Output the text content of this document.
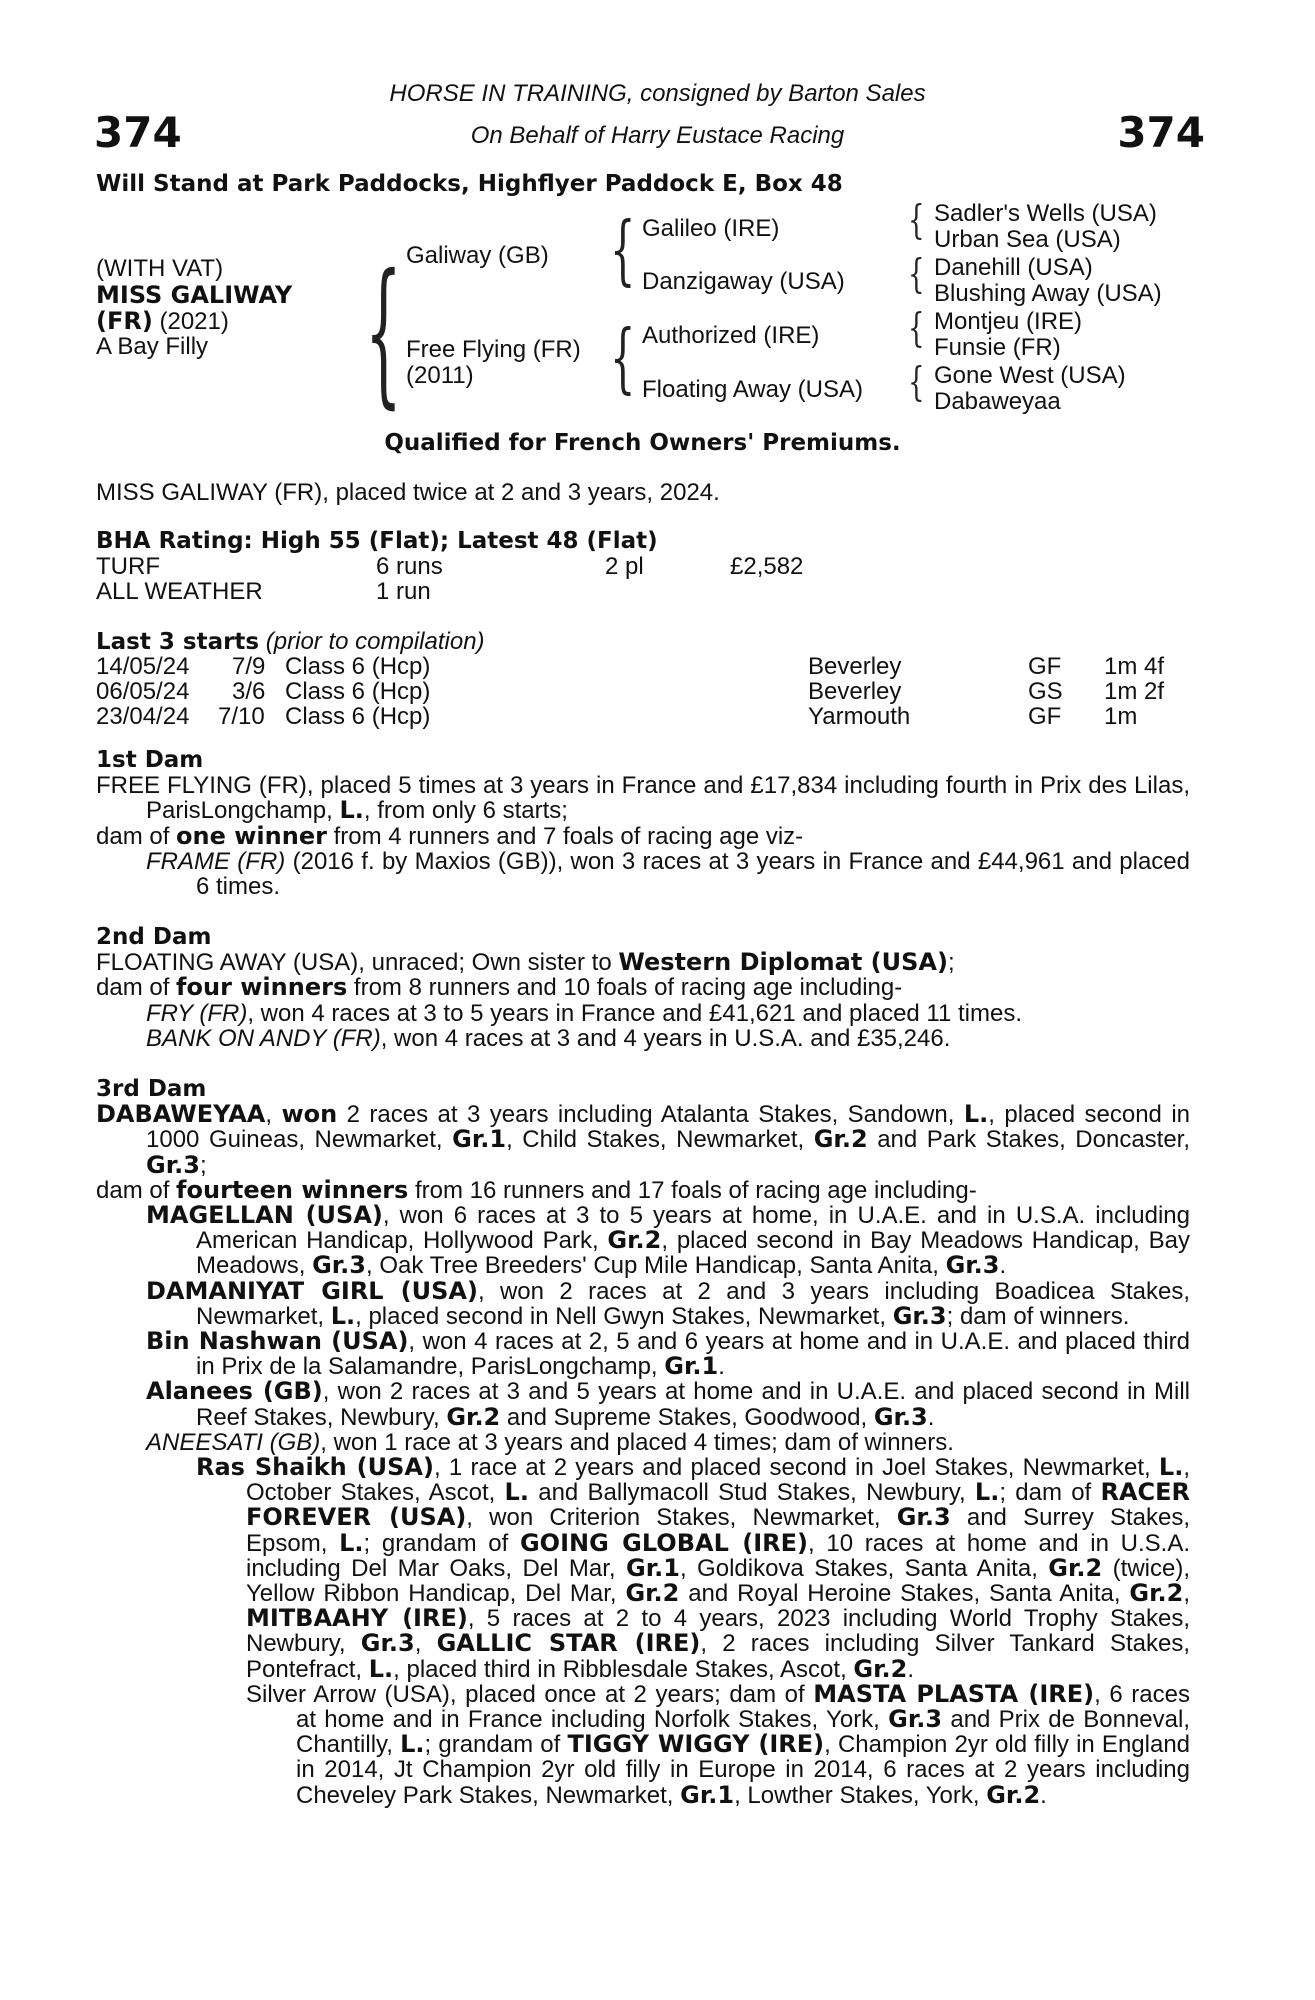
HORSE IN TRAINING, consigned by Barton Sales
On Behalf of Harry Eustace Racing
374	374
Will Stand at Park Paddocks, Highflyer Paddock E, Box 48
(WITH VAT)
MISS GALIWAY
(FR) (2021)
A Bay Filly	{	{
{
{
{
{
{
Galiway (GB)
Free Flying (FR)
(2011)
Galileo (IRE)
Danzigaway (USA)
Authorized (IRE)
Floating Away (USA)
Sadler's Wells (USA)
Urban Sea (USA)
Danehill (USA)
Blushing Away (USA)
Montjeu (IRE)
Funsie (FR)
Gone West (USA)
Dabaweyaa
Qualified for French Owners' Premiums.
MISS GALIWAY (FR), placed twice at 2 and 3 years, 2024.
BHA Rating: High 55 (Flat); Latest 48 (Flat)
TURF	6 runs	2 pl	£2,582
ALL WEATHER	1 run
Last 3 starts (prior to compilation)
14/05/24 7/9 Class 6 (Hcp)	Beverley	GF 1m 4f
06/05/24 3/6 Class 6 (Hcp)	Beverley	GS 1m 2f
23/04/24 7/10 Class 6 (Hcp)	Yarmouth	GF 1m

1st Dam

FREE FLYING (FR), placed 5 times at 3 years in France and £17,834 including fourth in Prix des Lilas, ParisLongchamp, L., from only 6 starts;

dam of one winner from 4 runners and 7 foals of racing age viz-

FRAME (FR) (2016 f. by Maxios (GB)), won 3 races at 3 years in France and £44,961 and placed 6 times.

2nd Dam

FLOATING AWAY (USA), unraced; Own sister to Western Diplomat (USA);

dam of four winners from 8 runners and 10 foals of racing age including-

FRY (FR), won 4 races at 3 to 5 years in France and £41,621 and placed 11 times.

BANK ON ANDY (FR), won 4 races at 3 and 4 years in U.S.A. and £35,246.

3rd Dam

DABAWEYAA, won 2 races at 3 years including Atalanta Stakes, Sandown, L., placed second in 1000 Guineas, Newmarket, Gr.1, Child Stakes, Newmarket, Gr.2 and Park Stakes, Doncaster, Gr.3;

dam of fourteen winners from 16 runners and 17 foals of racing age including-

MAGELLAN (USA), won 6 races at 3 to 5 years at home, in U.A.E. and in U.S.A. including American Handicap, Hollywood Park, Gr.2, placed second in Bay Meadows Handicap, Bay Meadows, Gr.3, Oak Tree Breeders' Cup Mile Handicap, Santa Anita, Gr.3.

DAMANIYAT GIRL (USA), won 2 races at 2 and 3 years including Boadicea Stakes, Newmarket, L., placed second in Nell Gwyn Stakes, Newmarket, Gr.3; dam of winners.

Bin Nashwan (USA), won 4 races at 2, 5 and 6 years at home and in U.A.E. and placed third in Prix de la Salamandre, ParisLongchamp, Gr.1.

Alanees (GB), won 2 races at 3 and 5 years at home and in U.A.E. and placed second in Mill Reef Stakes, Newbury, Gr.2 and Supreme Stakes, Goodwood, Gr.3.

ANEESATI (GB), won 1 race at 3 years and placed 4 times; dam of winners.

Ras Shaikh (USA), 1 race at 2 years and placed second in Joel Stakes, Newmarket, L., October Stakes, Ascot, L. and Ballymacoll Stud Stakes, Newbury, L.; dam of RACER FOREVER (USA), won Criterion Stakes, Newmarket, Gr.3 and Surrey Stakes, Epsom, L.; grandam of GOING GLOBAL (IRE), 10 races at home and in U.S.A. including Del Mar Oaks, Del Mar, Gr.1, Goldikova Stakes, Santa Anita, Gr.2 (twice), Yellow Ribbon Handicap, Del Mar, Gr.2 and Royal Heroine Stakes, Santa Anita, Gr.2, MITBAAHY (IRE), 5 races at 2 to 4 years, 2023 including World Trophy Stakes, Newbury, Gr.3, GALLIC STAR (IRE), 2 races including Silver Tankard Stakes, Pontefract, L., placed third in Ribblesdale Stakes, Ascot, Gr.2.

Silver Arrow (USA), placed once at 2 years; dam of MASTA PLASTA (IRE), 6 races at home and in France including Norfolk Stakes, York, Gr.3 and Prix de Bonneval, Chantilly, L.; grandam of TIGGY WIGGY (IRE), Champion 2yr old filly in England in 2014, Jt Champion 2yr old filly in Europe in 2014, 6 races at 2 years including Cheveley Park Stakes, Newmarket, Gr.1, Lowther Stakes, York, Gr.2.
